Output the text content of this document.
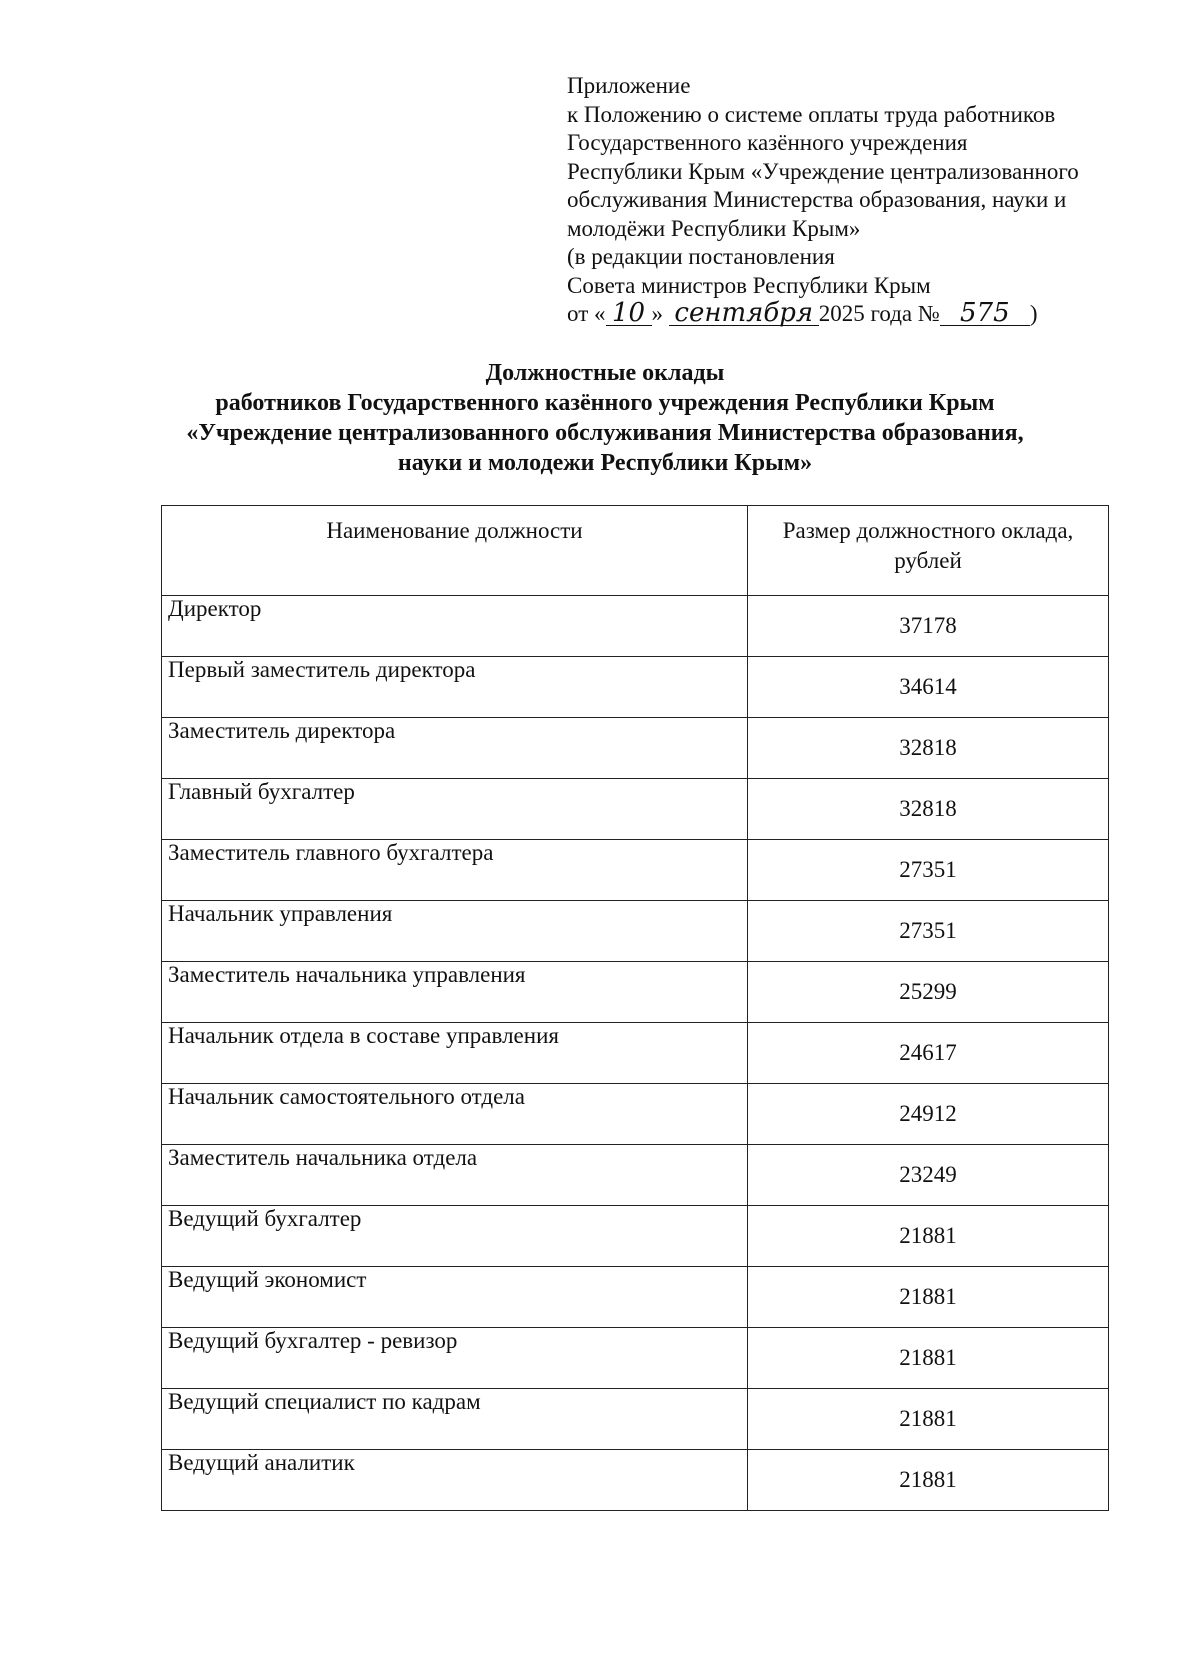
Приложение
к Положению о системе оплаты труда работников
Государственного казённого учреждения
Республики Крым «Учреждение централизованного
обслуживания Министерства образования, науки и
молодёжи Республики Крым»
(в редакции постановления
Совета министров Республики Крым
от « 10 » сентября 2025 года № 575 )
Должностные оклады
работников Государственного казённого учреждения Республики Крым
«Учреждение централизованного обслуживания Министерства образования,
науки и молодежи Республики Крым»
Наименование должности	Размер должностного оклада, рублей
Директор	37178
Первый заместитель директора	34614
Заместитель директора	32818
Главный бухгалтер	32818
Заместитель главного бухгалтера	27351
Начальник управления	27351
Заместитель начальника управления	25299
Начальник отдела в составе управления	24617
Начальник самостоятельного отдела	24912
Заместитель начальника отдела	23249
Ведущий бухгалтер	21881
Ведущий экономист	21881
Ведущий бухгалтер - ревизор	21881
Ведущий специалист по кадрам	21881
Ведущий аналитик	21881
